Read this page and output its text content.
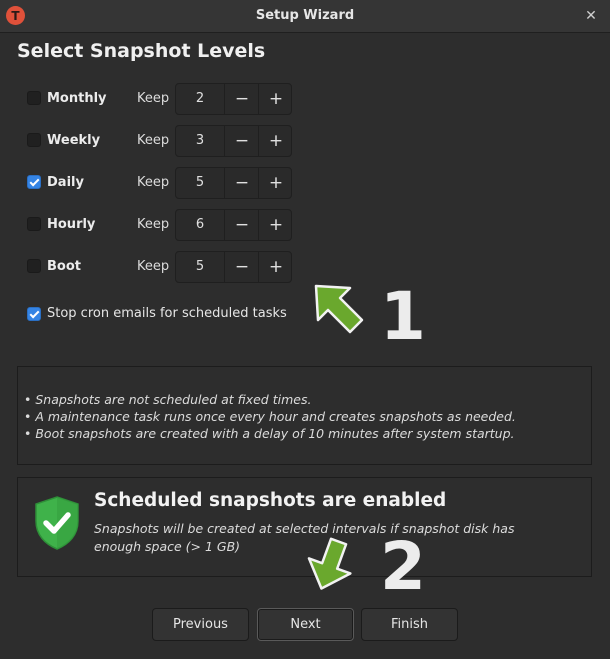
T	Setup Wizard	✕
Select Snapshot Levels
Monthly Keep	2	−	+
Weekly	Keep	3	−	+
Daily	Keep	5	−	+
Hourly	Keep	6	−	+
Boot	Keep	5	−	+
Stop cron emails for scheduled tasks 1
• Snapshots are not scheduled at fixed times.
• A maintenance task runs once every hour and creates snapshots as needed.
• Boot snapshots are created with a delay of 10 minutes after system startup.
Scheduled snapshots are enabled
Snapshots will be created at selected intervals if snapshot disk has enough space (> 1 GB)	2
Previous	Next	Finish
